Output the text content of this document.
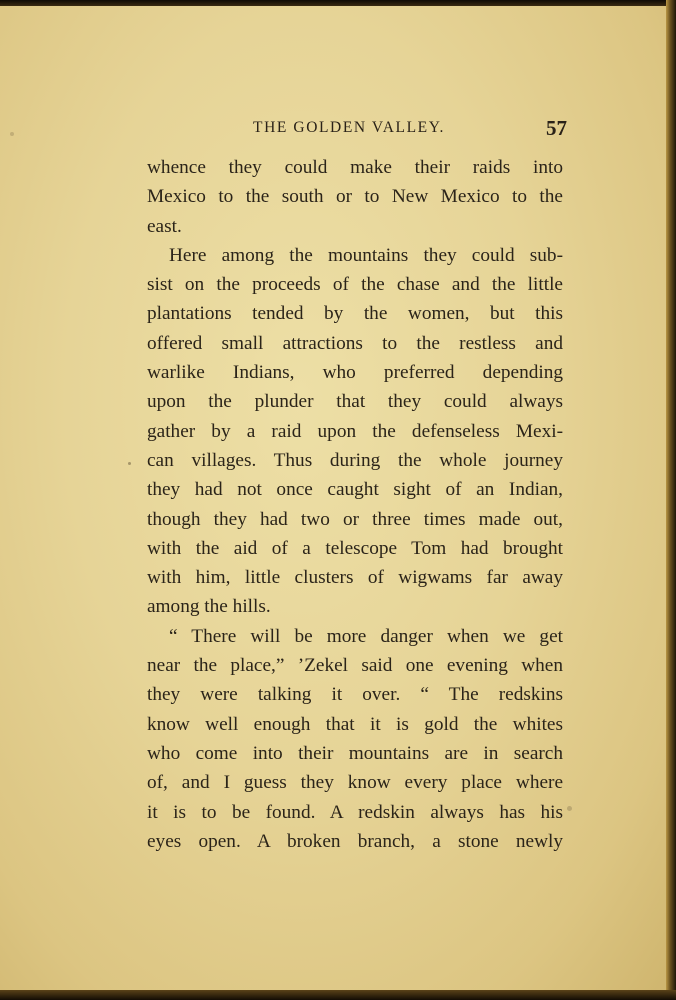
THE GOLDEN VALLEY.	57
whence they could make their raids into
Mexico to the south or to New Mexico to the
east.
Here among the mountains they could sub-
sist on the proceeds of the chase and the little
plantations tended by the women, but this
offered small attractions to the restless and
warlike Indians, who preferred depending
upon the plunder that they could always
gather by a raid upon the defenseless Mexi-
can villages. Thus during the whole journey
they had not once caught sight of an Indian,
though they had two or three times made out,
with the aid of a telescope Tom had brought
with him, little clusters of wigwams far away
among the hills.
“ There will be more danger when we get
near the place,” ’Zekel said one evening when
they were talking it over. “ The redskins
know well enough that it is gold the whites
who come into their mountains are in search
of, and I guess they know every place where
it is to be found. A redskin always has his
eyes open. A broken branch, a stone newly
